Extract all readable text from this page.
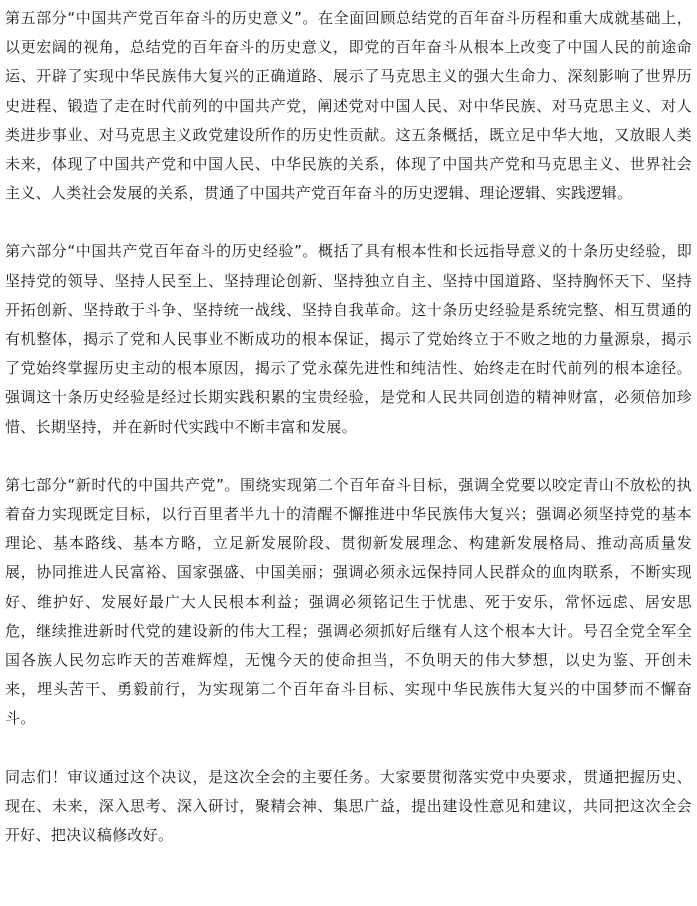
第五部分“中国共产党百年奋斗的历史意义”。在全面回顾总结党的百年奋斗历程和重大成就基础上，以更宏阔的视角，总结党的百年奋斗的历史意义，即党的百年奋斗从根本上改变了中国人民的前途命运、开辟了实现中华民族伟大复兴的正确道路、展示了马克思主义的强大生命力、深刻影响了世界历史进程、锻造了走在时代前列的中国共产党，阐述党对中国人民、对中华民族、对马克思主义、对人类进步事业、对马克思主义政党建设所作的历史性贡献。这五条概括，既立足中华大地，又放眼人类未来，体现了中国共产党和中国人民、中华民族的关系，体现了中国共产党和马克思主义、世界社会主义、人类社会发展的关系，贯通了中国共产党百年奋斗的历史逻辑、理论逻辑、实践逻辑。

第六部分“中国共产党百年奋斗的历史经验”。概括了具有根本性和长远指导意义的十条历史经验，即坚持党的领导、坚持人民至上、坚持理论创新、坚持独立自主、坚持中国道路、坚持胸怀天下、坚持开拓创新、坚持敢于斗争、坚持统一战线、坚持自我革命。这十条历史经验是系统完整、相互贯通的有机整体，揭示了党和人民事业不断成功的根本保证，揭示了党始终立于不败之地的力量源泉，揭示了党始终掌握历史主动的根本原因，揭示了党永葆先进性和纯洁性、始终走在时代前列的根本途径。强调这十条历史经验是经过长期实践积累的宝贵经验，是党和人民共同创造的精神财富，必须倍加珍惜、长期坚持，并在新时代实践中不断丰富和发展。

第七部分“新时代的中国共产党”。围绕实现第二个百年奋斗目标，强调全党要以咬定青山不放松的执着奋力实现既定目标，以行百里者半九十的清醒不懈推进中华民族伟大复兴；强调必须坚持党的基本理论、基本路线、基本方略，立足新发展阶段、贯彻新发展理念、构建新发展格局、推动高质量发展，协同推进人民富裕、国家强盛、中国美丽；强调必须永远保持同人民群众的血肉联系，不断实现好、维护好、发展好最广大人民根本利益；强调必须铭记生于忧患、死于安乐，常怀远虑、居安思危，继续推进新时代党的建设新的伟大工程；强调必须抓好后继有人这个根本大计。号召全党全军全国各族人民勿忘昨天的苦难辉煌，无愧今天的使命担当，不负明天的伟大梦想，以史为鉴、开创未来，埋头苦干、勇毅前行，为实现第二个百年奋斗目标、实现中华民族伟大复兴的中国梦而不懈奋斗。

同志们！审议通过这个决议，是这次全会的主要任务。大家要贯彻落实党中央要求，贯通把握历史、现在、未来，深入思考、深入研讨，聚精会神、集思广益，提出建设性意见和建议，共同把这次全会开好、把决议稿修改好。
